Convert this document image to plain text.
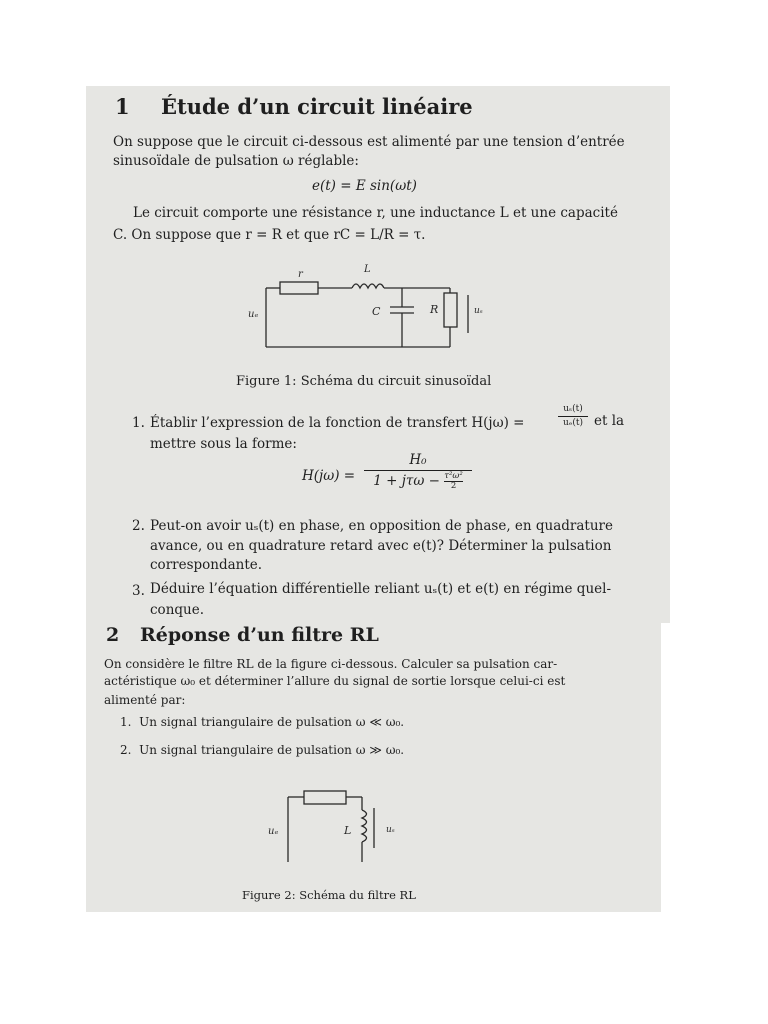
1 Étude d’un circuit linéaire
On suppose que le circuit ci-dessous est alimenté par une tension d’entrée
sinusoïdale de pulsation ω réglable:
e(t) = E sin(ωt)
Le circuit comporte une résistance r, une inductance L et une capacité
C. On suppose que r = R et que rC = L/R = τ.
r	L
C	R
uₑ	uₛ
Figure 1: Schéma du circuit sinusoïdal
1. Établir l’expression de la fonction de transfert H(jω) =
uₛ(t)
uₑ(t) et la
mettre sous la forme:
H(jω) =
H₀
$1 + j\tau\omega - \frac{\text{τ²ω²}}{2}$
2. Peut-on avoir uₛ(t) en phase, en opposition de phase, en quadrature
avance, ou en quadrature retard avec e(t)? Déterminer la pulsation
correspondante.
3. Déduire l’équation différentielle reliant uₛ(t) et e(t) en régime quel-
conque.
2 Réponse d’un filtre RL
On considère le filtre RL de la figure ci-dessous. Calculer sa pulsation car-
actéristique ω₀ et déterminer l’allure du signal de sortie lorsque celui-ci est
alimenté par:
1. Un signal triangulaire de pulsation ω ≪ ω₀.
2. Un signal triangulaire de pulsation ω ≫ ω₀.
uₑ	L	uₛ
Figure 2: Schéma du filtre RL
